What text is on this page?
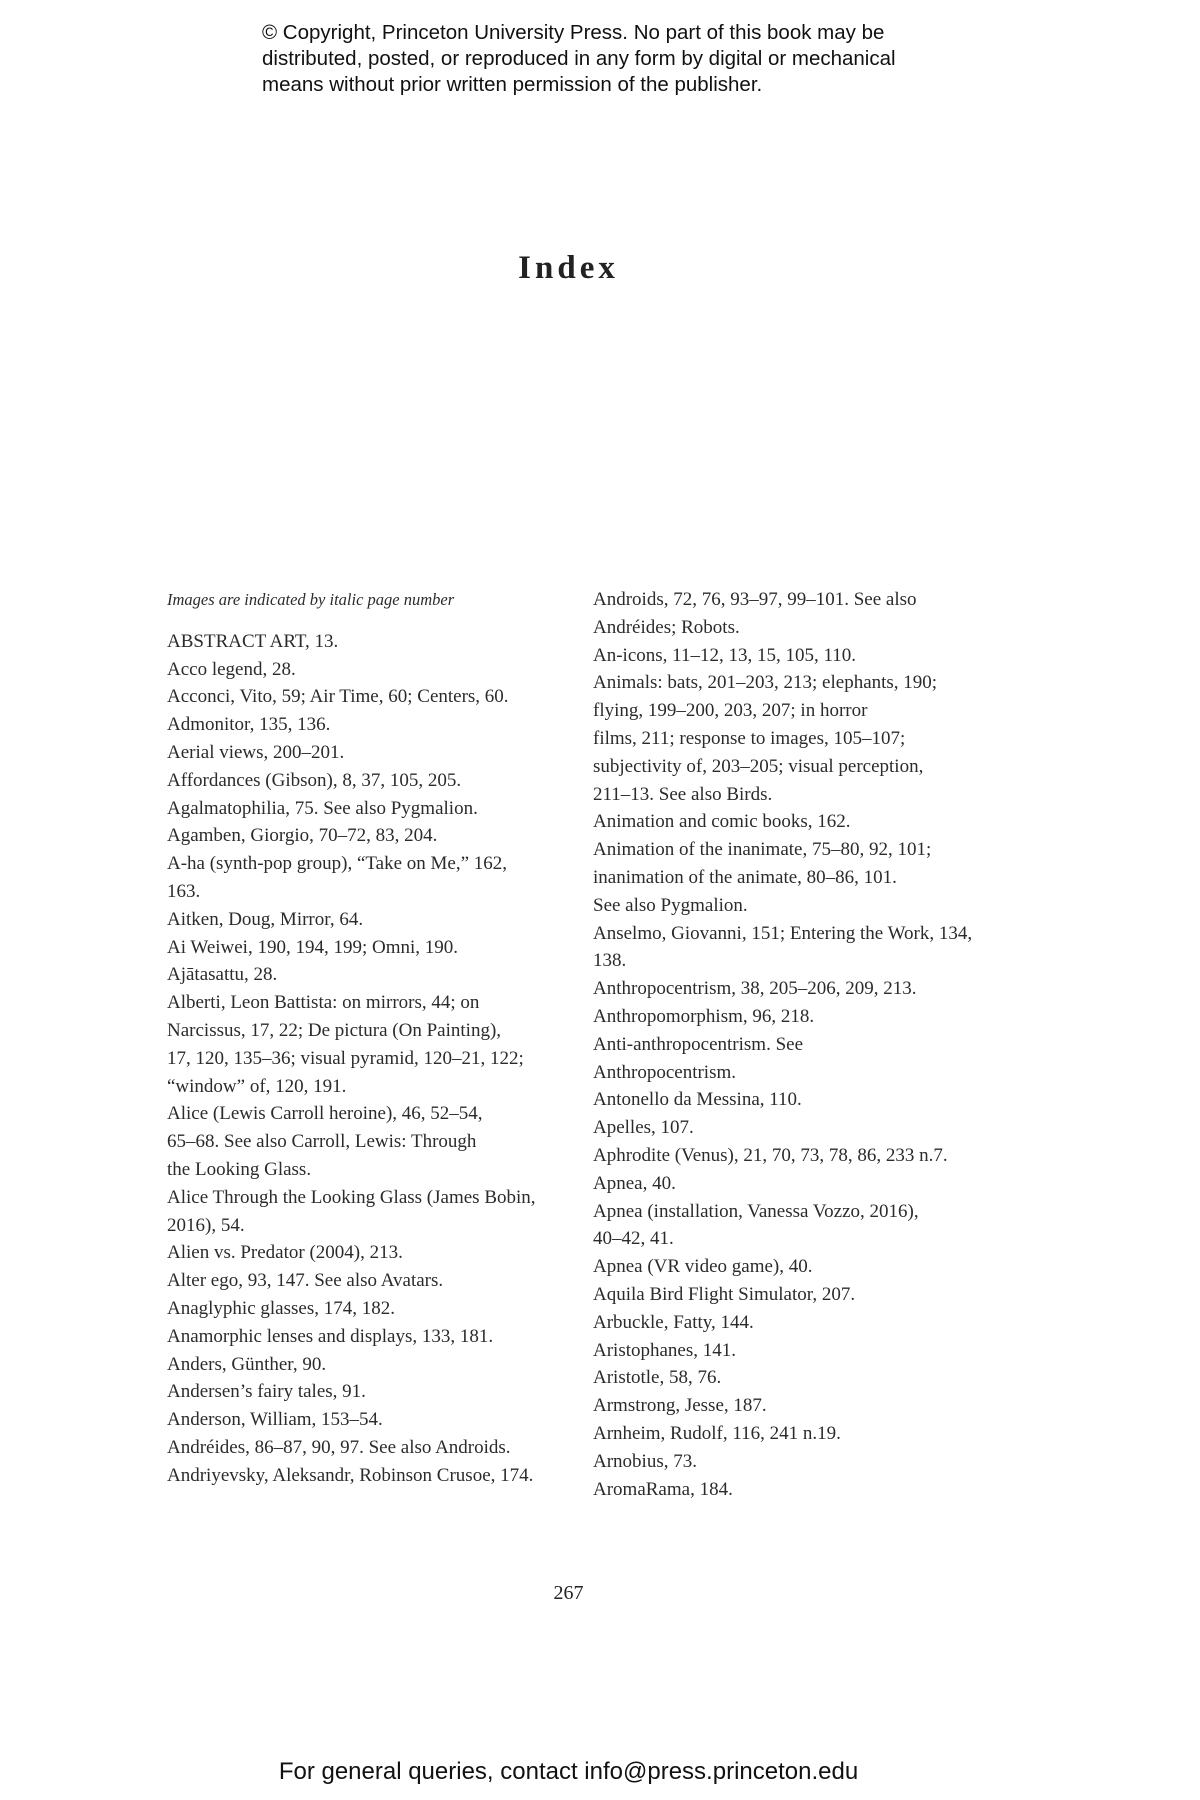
© Copyright, Princeton University Press. No part of this book may be
distributed, posted, or reproduced in any form by digital or mechanical
means without prior written permission of the publisher.
Index
Images are indicated by italic page number
ABSTRACT ART, 13.
Acco legend, 28.
Acconci, Vito, 59; Air Time, 60; Centers, 60.
Admonitor, 135, 136.
Aerial views, 200–201.
Affordances (Gibson), 8, 37, 105, 205.
Agalmatophilia, 75. See also Pygmalion.
Agamben, Giorgio, 70–72, 83, 204.
A-ha (synth-pop group), “Take on Me,” 162,
163.
Aitken, Doug, Mirror, 64.
Ai Weiwei, 190, 194, 199; Omni, 190.
Ajātasattu, 28.
Alberti, Leon Battista: on mirrors, 44; on
Narcissus, 17, 22; De pictura (On Painting),
17, 120, 135–36; visual pyramid, 120–21, 122;
“window” of, 120, 191.
Alice (Lewis Carroll heroine), 46, 52–54,
65–68. See also Carroll, Lewis: Through
the Looking Glass.
Alice Through the Looking Glass (James Bobin,
2016), 54.
Alien vs. Predator (2004), 213.
Alter ego, 93, 147. See also Avatars.
Anaglyphic glasses, 174, 182.
Anamorphic lenses and displays, 133, 181.
Anders, Günther, 90.
Andersen’s fairy tales, 91.
Anderson, William, 153–54.
Andréides, 86–87, 90, 97. See also Androids.
Andriyevsky, Aleksandr, Robinson Crusoe, 174.
Androids, 72, 76, 93–97, 99–101. See also
Andréides; Robots.
An-icons, 11–12, 13, 15, 105, 110.
Animals: bats, 201–203, 213; elephants, 190;
flying, 199–200, 203, 207; in horror
films, 211; response to images, 105–107;
subjectivity of, 203–205; visual perception,
211–13. See also Birds.
Animation and comic books, 162.
Animation of the inanimate, 75–80, 92, 101;
inanimation of the animate, 80–86, 101.
See also Pygmalion.
Anselmo, Giovanni, 151; Entering the Work, 134,
138.
Anthropocentrism, 38, 205–206, 209, 213.
Anthropomorphism, 96, 218.
Anti-anthropocentrism. See
Anthropocentrism.
Antonello da Messina, 110.
Apelles, 107.
Aphrodite (Venus), 21, 70, 73, 78, 86, 233 n.7.
Apnea, 40.
Apnea (installation, Vanessa Vozzo, 2016),
40–42, 41.
Apnea (VR video game), 40.
Aquila Bird Flight Simulator, 207.
Arbuckle, Fatty, 144.
Aristophanes, 141.
Aristotle, 58, 76.
Armstrong, Jesse, 187.
Arnheim, Rudolf, 116, 241 n.19.
Arnobius, 73.
AromaRama, 184.
267
For general queries, contact info@press.princeton.edu
